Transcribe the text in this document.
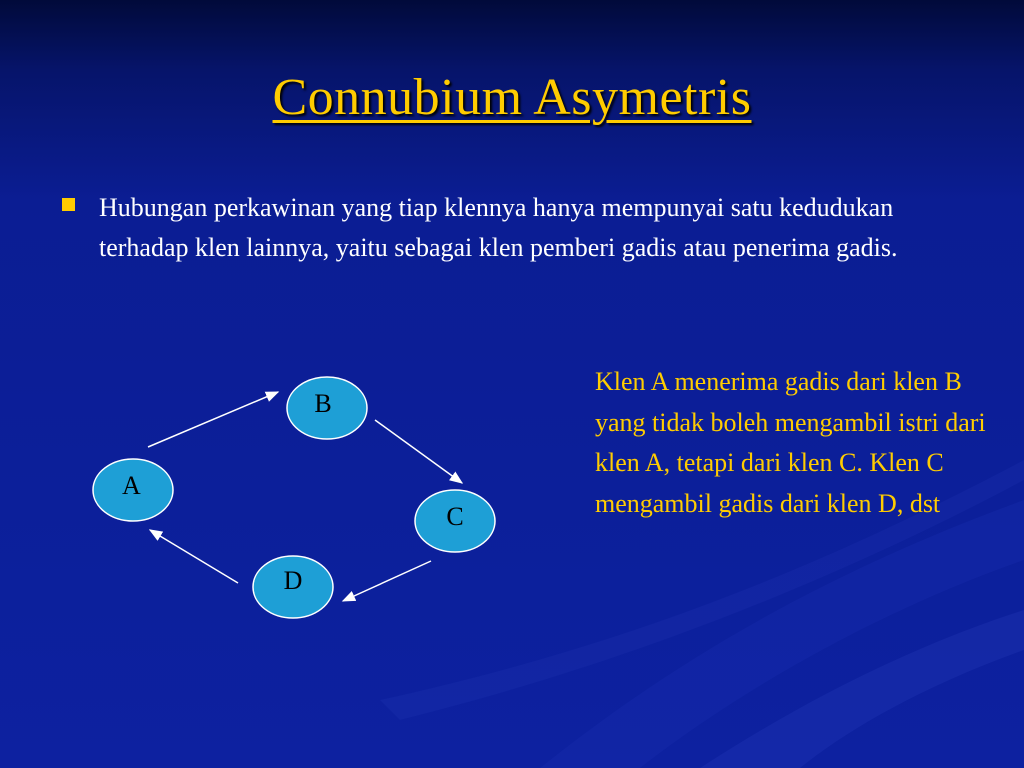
Connubium Asymetris
Hubungan perkawinan yang tiap klennya hanya mempunyai satu kedudukan terhadap klen lainnya, yaitu sebagai klen pemberi gadis atau penerima gadis.
A
B
C
D
Klen A menerima gadis dari klen B yang tidak boleh mengambil istri dari klen A, tetapi dari klen C. Klen C mengambil gadis dari klen D, dst
